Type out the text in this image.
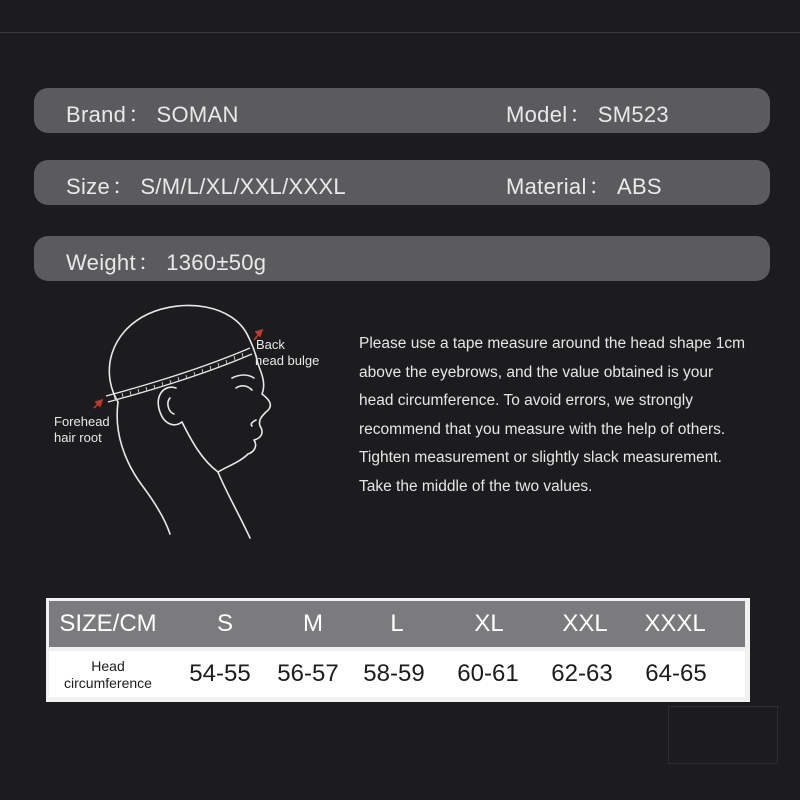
Brand： SOMAN	Model： SM523
Size： S/M/L/XL/XXL/XXXL	Material： ABS
Weight： 1360±50g
Back
head bulge
Forehead
hair root
Please use a tape measure around the head shape 1cm above the eyebrows, and the value obtained is your head circumference. To avoid errors, we strongly recommend that you measure with the help of others. Tighten measurement or slightly slack measurement. Take the middle of the two values.
SIZE/CM	S	M	L	XL	XXL	XXXL
Head
circumference	54-55	56-57	58-59	60-61	62-63	64-65
